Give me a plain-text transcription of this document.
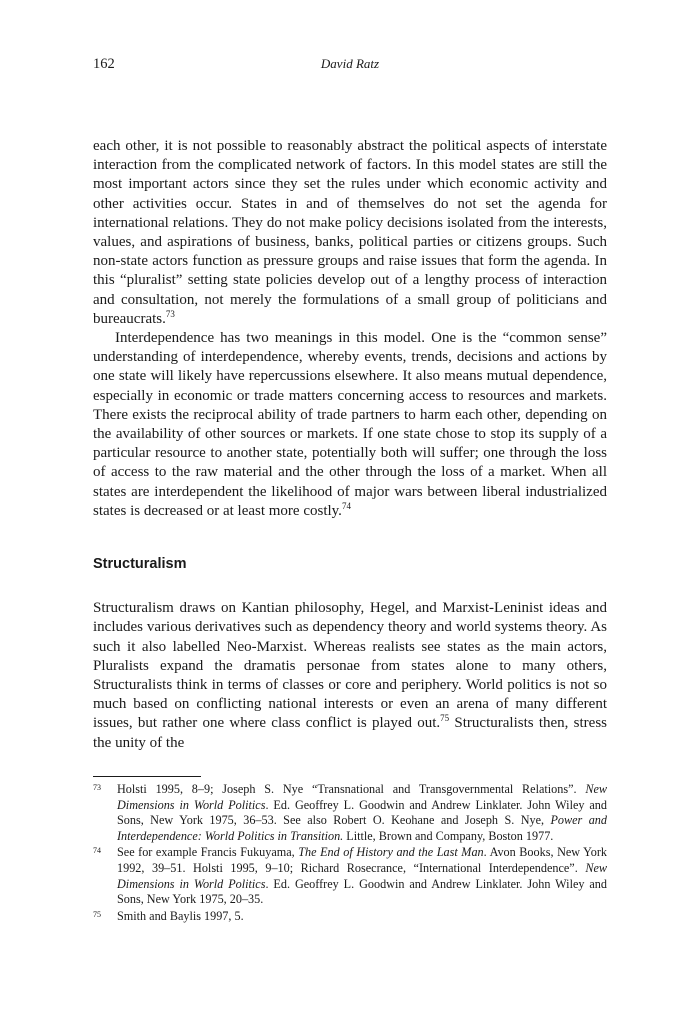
162	David Ratz

each other, it is not possible to reasonably abstract the political aspects of interstate interaction from the complicated network of factors. In this model states are still the most important actors since they set the rules under which economic activity and other activities occur. States in and of themselves do not set the agenda for international relations. They do not make policy decisions isolated from the interests, values, and aspirations of business, banks, political parties or citizens groups. Such non-state actors function as pressure groups and raise issues that form the agenda. In this “pluralist” setting state policies develop out of a lengthy process of interaction and consultation, not merely the formulations of a small group of politicians and bureaucrats.$^{73}$

Interdependence has two meanings in this model. One is the “common sense” understanding of interdependence, whereby events, trends, decisions and actions by one state will likely have repercussions elsewhere. It also means mutual dependence, especially in economic or trade matters concerning access to resources and markets. There exists the reciprocal ability of trade partners to harm each other, depending on the availability of other sources or markets. If one state chose to stop its supply of a particular resource to another state, potentially both will suffer; one through the loss of access to the raw material and the other through the loss of a market. When all states are interdependent the likelihood of major wars between liberal industrialized states is decreased or at least more costly.$^{74}$

Structuralism

Structuralism draws on Kantian philosophy, Hegel, and Marxist-Leninist ideas and includes various derivatives such as dependency theory and world systems theory. As such it also labelled Neo-Marxist. Whereas realists see states as the main actors, Pluralists expand the dramatis personae from states alone to many others, Structuralists think in terms of classes or core and periphery. World politics is not so much based on conflicting national interests or even an arena of many different issues, but rather one where class conflict is played out.$^{75}$ Structuralists then, stress the unity of the

73	Holsti 1995, 8–9; Joseph S. Nye “Transnational and Transgovernmental Relations”. New Dimensions in World Politics. Ed. Geoffrey L. Goodwin and Andrew Linklater. John Wiley and Sons, New York 1975, 36–53. See also Robert O. Keohane and Joseph S. Nye, Power and Interdependence: World Politics in Transition. Little, Brown and Company, Boston 1977.
74	See for example Francis Fukuyama, The End of History and the Last Man. Avon Books, New York 1992, 39–51. Holsti 1995, 9–10; Richard Rosecrance, “International Interdependence”. New Dimensions in World Politics. Ed. Geoffrey L. Goodwin and Andrew Linklater. John Wiley and Sons, New York 1975, 20–35.
75	Smith and Baylis 1997, 5.
